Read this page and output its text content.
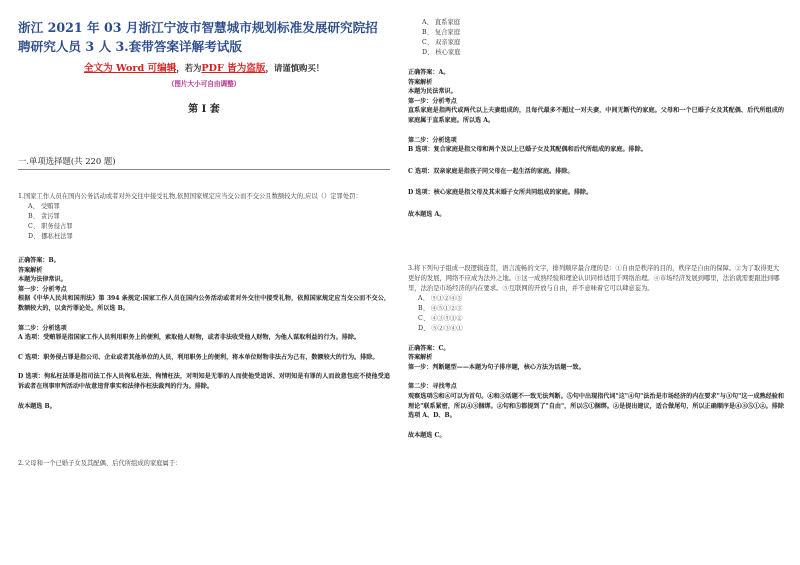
浙江 2021 年 03 月浙江宁波市智慧城市规划标准发展研究院招聘研究人员 3 人 3.套带答案详解考试版
全文为 Word 可编辑，若为PDF 皆为盗版，请谨慎购买！
（图片大小可自由调整）
第 I 套
一.单项选择题(共 220 题)
1.国家工作人员在国内公务活动或者对外交往中接受礼物,依照国家规定应当交公而不交公且数额较大的,应以（）定罪处罚：
A、 受贿罪
B、 贪污罪
C、 职务侵占罪
D、 挪私枉法罪
正确答案：B。
答案解析
本题为法律常识。
第一步：分析考点
根据《中华人民共和国刑法》第 394 条规定:国家工作人员在国内公务活动或者对外交往中接受礼物，依照国家规定应当交公而不交公，数额较大的，以贪污罪论处。所以选 B。
第二步：分析选项
A 选项：受贿罪是指国家工作人员利用职务上的便利，索取他人财物，或者非法收受他人财物，为他人谋取利益的行为。排除。
C 选项：职务侵占罪是指公司、企业或者其他单位的人员，利用职务上的便利，将本单位财物非法占为己有，数额较大的行为。排除。
D 选项：徇私枉法罪是指司法工作人员徇私枉法、徇情枉法，对明知是无罪的人而使他受追诉、对明知是有罪的人而故意包庇不使他受追诉或者在刑事审判活动中故意违背事实和法律作枉法裁判的行为。排除。
故本题选 B。
2.父母和一个已婚子女及其配偶、后代所组成的家庭属于：
A、 直系家庭
B、 复合家庭
C、 双亲家庭
D、 核心家庭
正确答案：A。
答案解析
本题为民法常识。
第一步：分析考点
直系家庭是指两代或两代以上夫妻组成的，且每代最多不超过一对夫妻，中间无断代的家庭。父母和一个已婚子女及其配偶、后代所组成的家庭属于直系家庭。所以选 A。
第二步：分析选项
B 选项：复合家庭是指父母和两个及以上已婚子女及其配偶和后代所组成的家庭。排除。
C 选项：双亲家庭是指孩子同父母在一起生活的家庭。排除。
D 选项：核心家庭是指父母及其未婚子女所共同组成的家庭。排除。
故本题选 A。
3.将下列句子组成一段逻辑连贯，语言流畅的文字，排列顺序最合理的是：①自由是秩序的目的，秩序是自由的保障。②为了取得更大更好的发展，网络不应成为法外之地。③这一成熟经验和理论认识同样适用于网络治理。④市场经济发展到哪里，法治就需要跟进到哪里，法治是市场经济的内在要求。⑤互联网的开放与自由，并不意味着它可以肆意妄为。
A、 ⑤①②④③
B、 ④⑤①②③
C、 ④③⑤①②
D、 ⑤②③④①
正确答案：C。
答案解析
第一步：判断题型——本题为句子排序题，核心方法为话题一致。
第二步：寻找考点
观察选项⑤和④可以为首句。④和③话题不一致无法判断。⑤句中出现指代词"这"④句"法治是市场经济的内在要求"与③句"这一成熟经验和理论"联系紧密，所以④③捆绑。②句和⑤都提到了"自由"，所以⑤①捆绑。②是提出建议，适合做尾句，所以正确顺序是④③⑤①②。排除选项 A、D、B。
故本题选 C。
